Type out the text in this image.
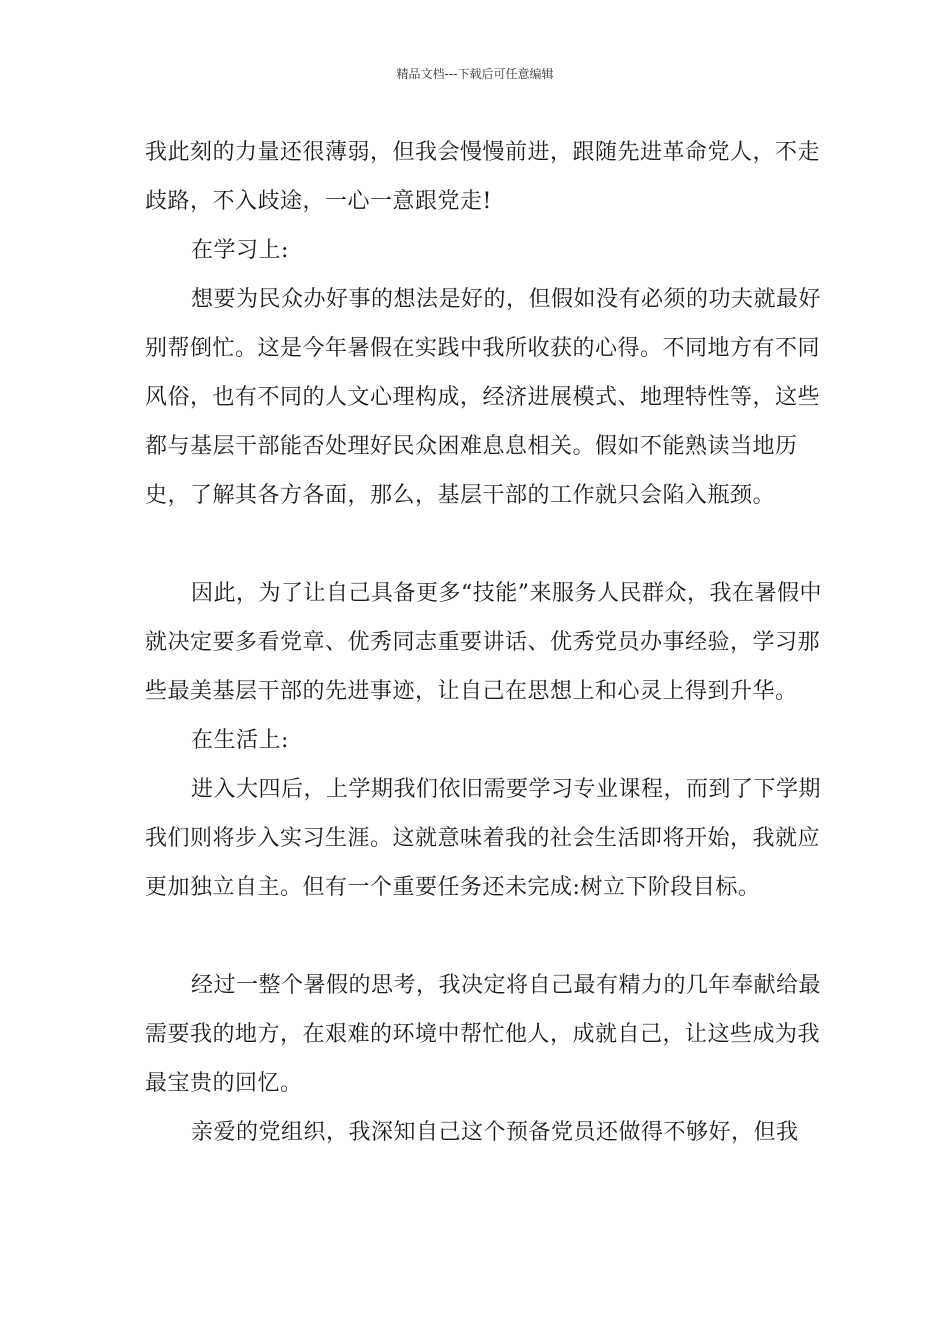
精品文档---下载后可任意编辑

我此刻的力量还很薄弱，但我会慢慢前进，跟随先进革命党人，不走歧路，不入歧途，一心一意跟党走!

在学习上:

想要为民众办好事的想法是好的，但假如没有必须的功夫就最好别帮倒忙。这是今年暑假在实践中我所收获的心得。不同地方有不同风俗，也有不同的人文心理构成，经济进展模式、地理特性等，这些都与基层干部能否处理好民众困难息息相关。假如不能熟读当地历史，了解其各方各面，那么，基层干部的工作就只会陷入瓶颈。

因此，为了让自己具备更多“技能”来服务人民群众，我在暑假中就决定要多看党章、优秀同志重要讲话、优秀党员办事经验，学习那些最美基层干部的先进事迹，让自己在思想上和心灵上得到升华。

在生活上:

进入大四后，上学期我们依旧需要学习专业课程，而到了下学期我们则将步入实习生涯。这就意味着我的社会生活即将开始，我就应更加独立自主。但有一个重要任务还未完成:树立下阶段目标。

经过一整个暑假的思考，我决定将自己最有精力的几年奉献给最需要我的地方，在艰难的环境中帮忙他人，成就自己，让这些成为我最宝贵的回忆。

亲爱的党组织，我深知自己这个预备党员还做得不够好，但我
